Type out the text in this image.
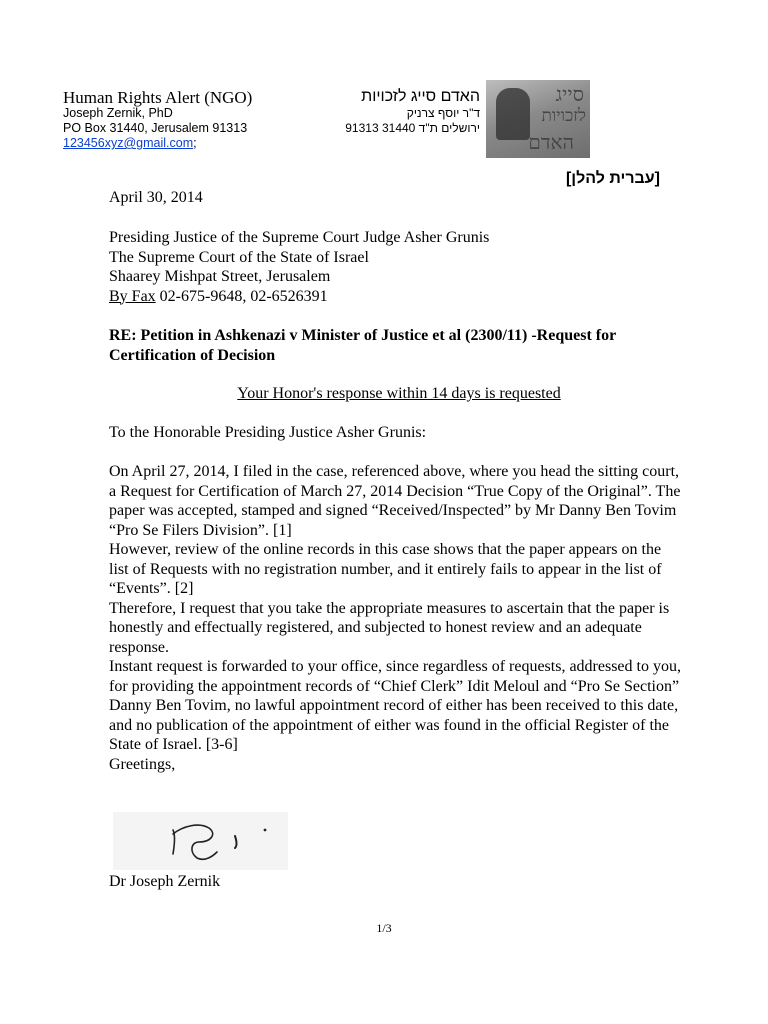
Human Rights Alert (NGO)
Joseph Zernik, PhD
PO Box 31440, Jerusalem 91313
123456xyz@gmail.com;
האדם סייג לזכויות
ד"ר יוסף צרניק
ירושלים ת"ד 31440 91313
סייג
לזכויות
האדם
[עברית להלן]
April 30, 2014
Presiding Justice of the Supreme Court Judge Asher Grunis
The Supreme Court of the State of Israel
Shaarey Mishpat Street, Jerusalem
By Fax 02-675-9648, 02-6526391
RE: Petition in Ashkenazi v Minister of Justice et al (2300/11) -Request for Certification of Decision
Your Honor's response within 14 days is requested
To the Honorable Presiding Justice Asher Grunis:

On April 27, 2014, I filed in the case, referenced above, where you head the sitting court, a Request for Certification of March 27, 2014 Decision “True Copy of the Original”. The paper was accepted, stamped and signed “Received/Inspected” by Mr Danny Ben Tovim “Pro Se Filers Division”. [1]

However, review of the online records in this case shows that the paper appears on the list of Requests with no registration number, and it entirely fails to appear in the list of “Events”. [2]

Therefore, I request that you take the appropriate measures to ascertain that the paper is honestly and effectually registered, and subjected to honest review and an adequate response.

Instant request is forwarded to your office, since regardless of requests, addressed to you, for providing the appointment records of “Chief Clerk” Idit Meloul and “Pro Se Section” Danny Ben Tovim, no lawful appointment record of either has been received to this date, and no publication of the appointment of either was found in the official Register of the State of Israel. [3-6]

Greetings,

Dr Joseph Zernik
1/3
